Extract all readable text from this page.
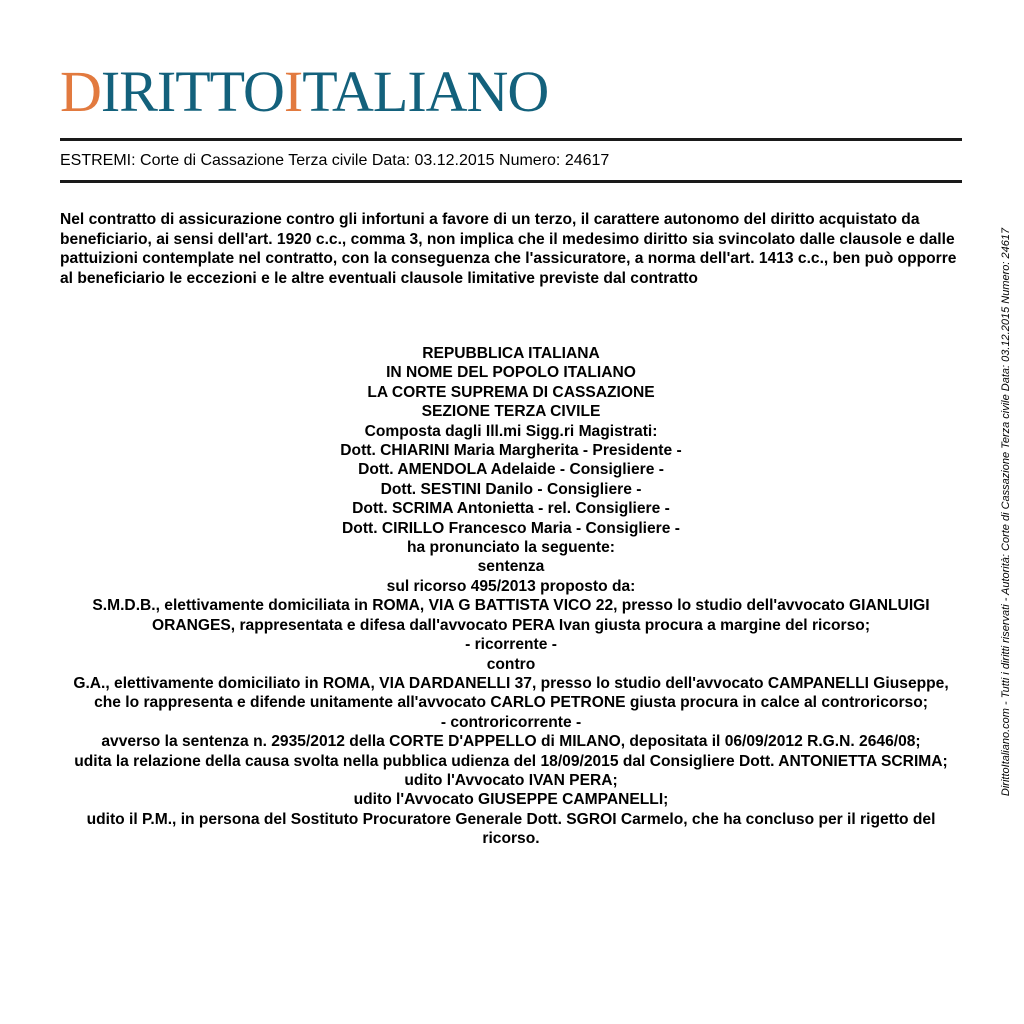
DIRITTOITALIANO
ESTREMI: Corte di Cassazione Terza civile Data: 03.12.2015 Numero: 24617
Nel contratto di assicurazione contro gli infortuni a favore di un terzo, il carattere autonomo del diritto acquistato da beneficiario, ai sensi dell'art. 1920 c.c., comma 3, non implica che il medesimo diritto sia svincolato dalle clausole e dalle pattuizioni contemplate nel contratto, con la conseguenza che l'assicuratore, a norma dell'art. 1413 c.c., ben può opporre al beneficiario le eccezioni e le altre eventuali clausole limitative previste dal contratto
REPUBBLICA ITALIANA
IN NOME DEL POPOLO ITALIANO
LA CORTE SUPREMA DI CASSAZIONE
SEZIONE TERZA CIVILE
Composta dagli Ill.mi Sigg.ri Magistrati:
Dott. CHIARINI Maria Margherita - Presidente -
Dott. AMENDOLA Adelaide - Consigliere -
Dott. SESTINI Danilo - Consigliere -
Dott. SCRIMA Antonietta - rel. Consigliere -
Dott. CIRILLO Francesco Maria - Consigliere -
ha pronunciato la seguente:
sentenza
sul ricorso 495/2013 proposto da:
S.M.D.B., elettivamente domiciliata in ROMA, VIA G BATTISTA VICO 22, presso lo studio dell'avvocato GIANLUIGI ORANGES, rappresentata e difesa dall'avvocato PERA Ivan giusta procura a margine del ricorso;
- ricorrente -
contro
G.A., elettivamente domiciliato in ROMA, VIA DARDANELLI 37, presso lo studio dell'avvocato CAMPANELLI Giuseppe, che lo rappresenta e difende unitamente all'avvocato CARLO PETRONE giusta procura in calce al controricorso;
- controricorrente -
avverso la sentenza n. 2935/2012 della CORTE D'APPELLO di MILANO, depositata il 06/09/2012 R.G.N. 2646/08;
udita la relazione della causa svolta nella pubblica udienza del 18/09/2015 dal Consigliere Dott. ANTONIETTA SCRIMA;
udito l'Avvocato IVAN PERA;
udito l'Avvocato GIUSEPPE CAMPANELLI;
udito il P.M., in persona del Sostituto Procuratore Generale Dott. SGROI Carmelo, che ha concluso per il rigetto del ricorso.
DirittoItaliano.com - Tutti i diritti riservati - Autorità: Corte di Cassazione Terza civile Data: 03.12.2015 Numero: 24617
